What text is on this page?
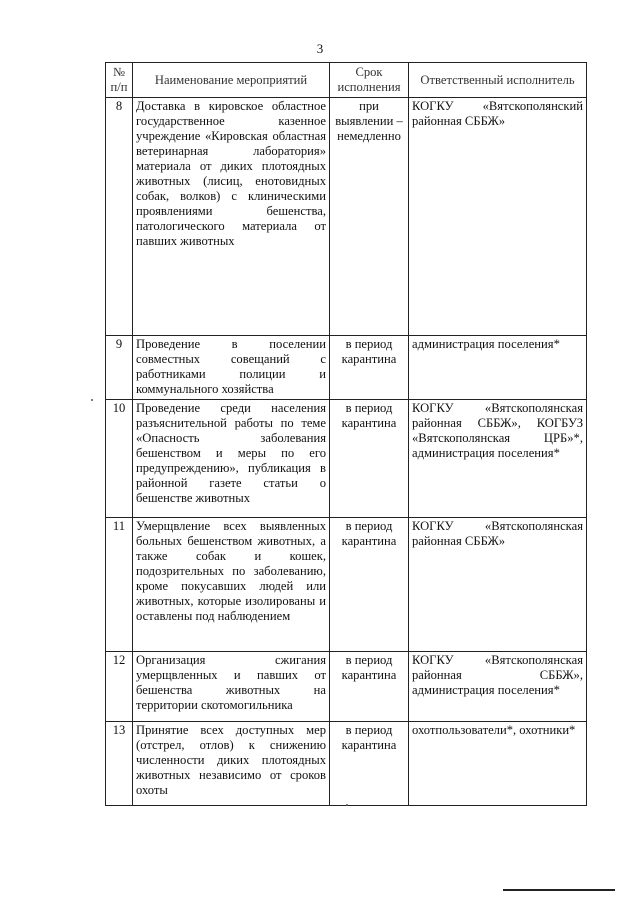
3
№ п/п	Наименование мероприятий	Срок исполнения	Ответственный исполнитель
8	Доставка в кировское областное государственное казенное учреждение «Кировская областная ветеринарная лаборатория» материала от диких плотоядных животных (лисиц, енотовидных собак, волков) с клиническими проявлениями бешенства, патологического материала от павших животных	при выявлении – немедленно	КОГКУ «Вятскополянский районная СББЖ»
9	Проведение в поселении совместных совещаний с работниками полиции и коммунального хозяйства	в период карантина	администрация поселения*
10	Проведение среди населения разъяснительной работы по теме «Опасность заболевания бешенством и меры по его предупреждению», публикация в районной газете статьи о бешенстве животных	в период карантина	КОГКУ «Вятскополянская районная СББЖ», КОГБУЗ «Вятскополянская ЦРБ»*, администрация поселения*
11	Умерщвление всех выявленных больных бешенством животных, а также собак и кошек, подозрительных по заболеванию, кроме покусавших людей или животных, которые изолированы и оставлены под наблюдением	в период карантина	КОГКУ «Вятскополянская районная СББЖ»
12	Организация сжигания умерщвленных и павших от бешенства животных на территории скотомогильника	в период карантина	КОГКУ «Вятскополянская районная СББЖ», администрация поселения*
13	Принятие всех доступных мер (отстрел, отлов) к снижению численности диких плотоядных животных независимо от сроков охоты	в период карантина	охотпользователи*, охотники*
